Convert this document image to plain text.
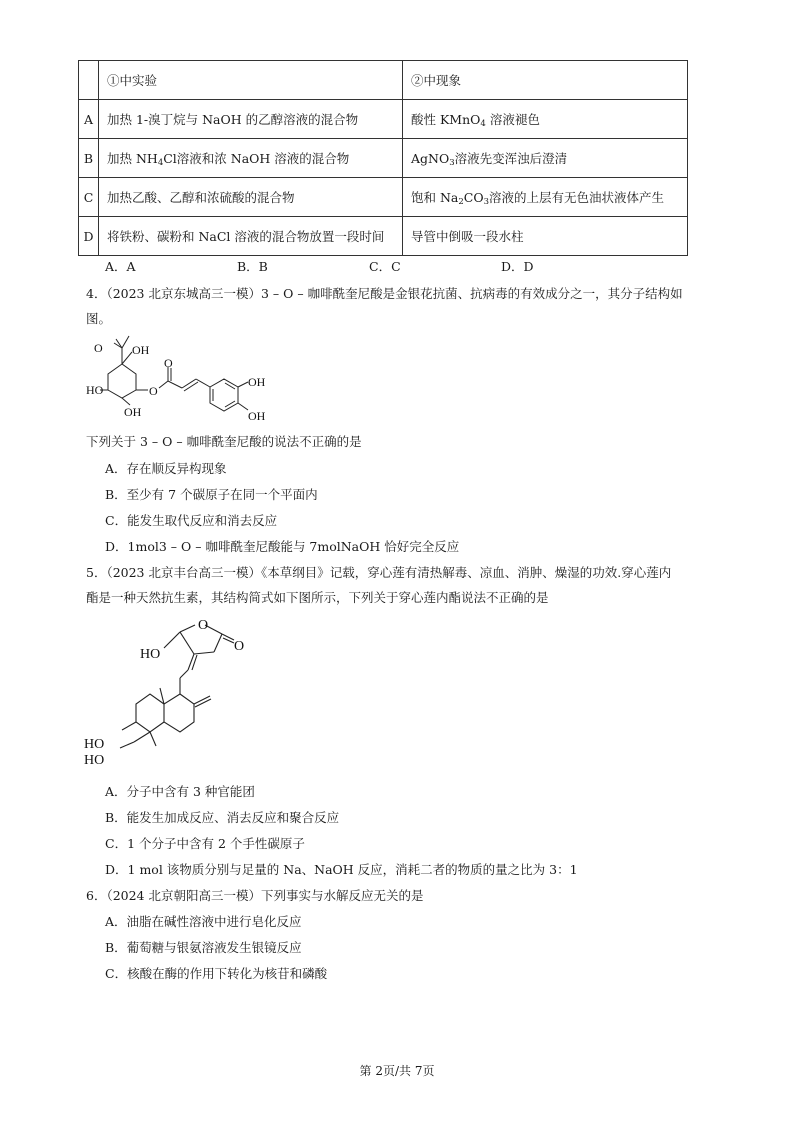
	①中实验	②中现象
A	加热 1-溴丁烷与 NaOH 的乙醇溶液的混合物	酸性 KMnO$_4$ 溶液褪色
B	加热 $NH_4Cl$溶液和浓 NaOH 溶液的混合物	AgNO$_3$溶液先变浑浊后澄清
C	加热乙酸、乙醇和浓硫酸的混合物	饱和 $Na_2CO_3$溶液的上层有无色油状液体产生
D	将铁粉、碳粉和 NaCl 溶液的混合物放置一段时间	导管中倒吸一段水柱
A．A	B．B	C．C	D．D
4．（2023 北京东城高三一模）3 – O – 咖啡酰奎尼酸是金银花抗菌、抗病毒的有效成分之一，其分子结构如
图。
O OH
HO
OH
O
O
OH
OH
下列关于 3 – O – 咖啡酰奎尼酸的说法不正确的是
A．存在顺反异构现象
B．至少有 7 个碳原子在同一个平面内
C．能发生取代反应和消去反应
D．1mol3 – O – 咖啡酰奎尼酸能与 7molNaOH 恰好完全反应
5．（2023 北京丰台高三一模）《本草纲目》记载，穿心莲有清热解毒、凉血、消肿、燥湿的功效.穿心莲内
酯是一种天然抗生素，其结构简式如下图所示，下列关于穿心莲内酯说法不正确的是
O
O
HO
HO
HO
A．分子中含有 3 种官能团
B．能发生加成反应、消去反应和聚合反应
C．1 个分子中含有 2 个手性碳原子
D．1 mol 该物质分别与足量的 Na、NaOH 反应，消耗二者的物质的量之比为 3：1
6．（2024 北京朝阳高三一模）下列事实与水解反应无关的是
A．油脂在碱性溶液中进行皂化反应
B．葡萄糖与银氨溶液发生银镜反应
C．核酸在酶的作用下转化为核苷和磷酸
第 2页/共 7页
